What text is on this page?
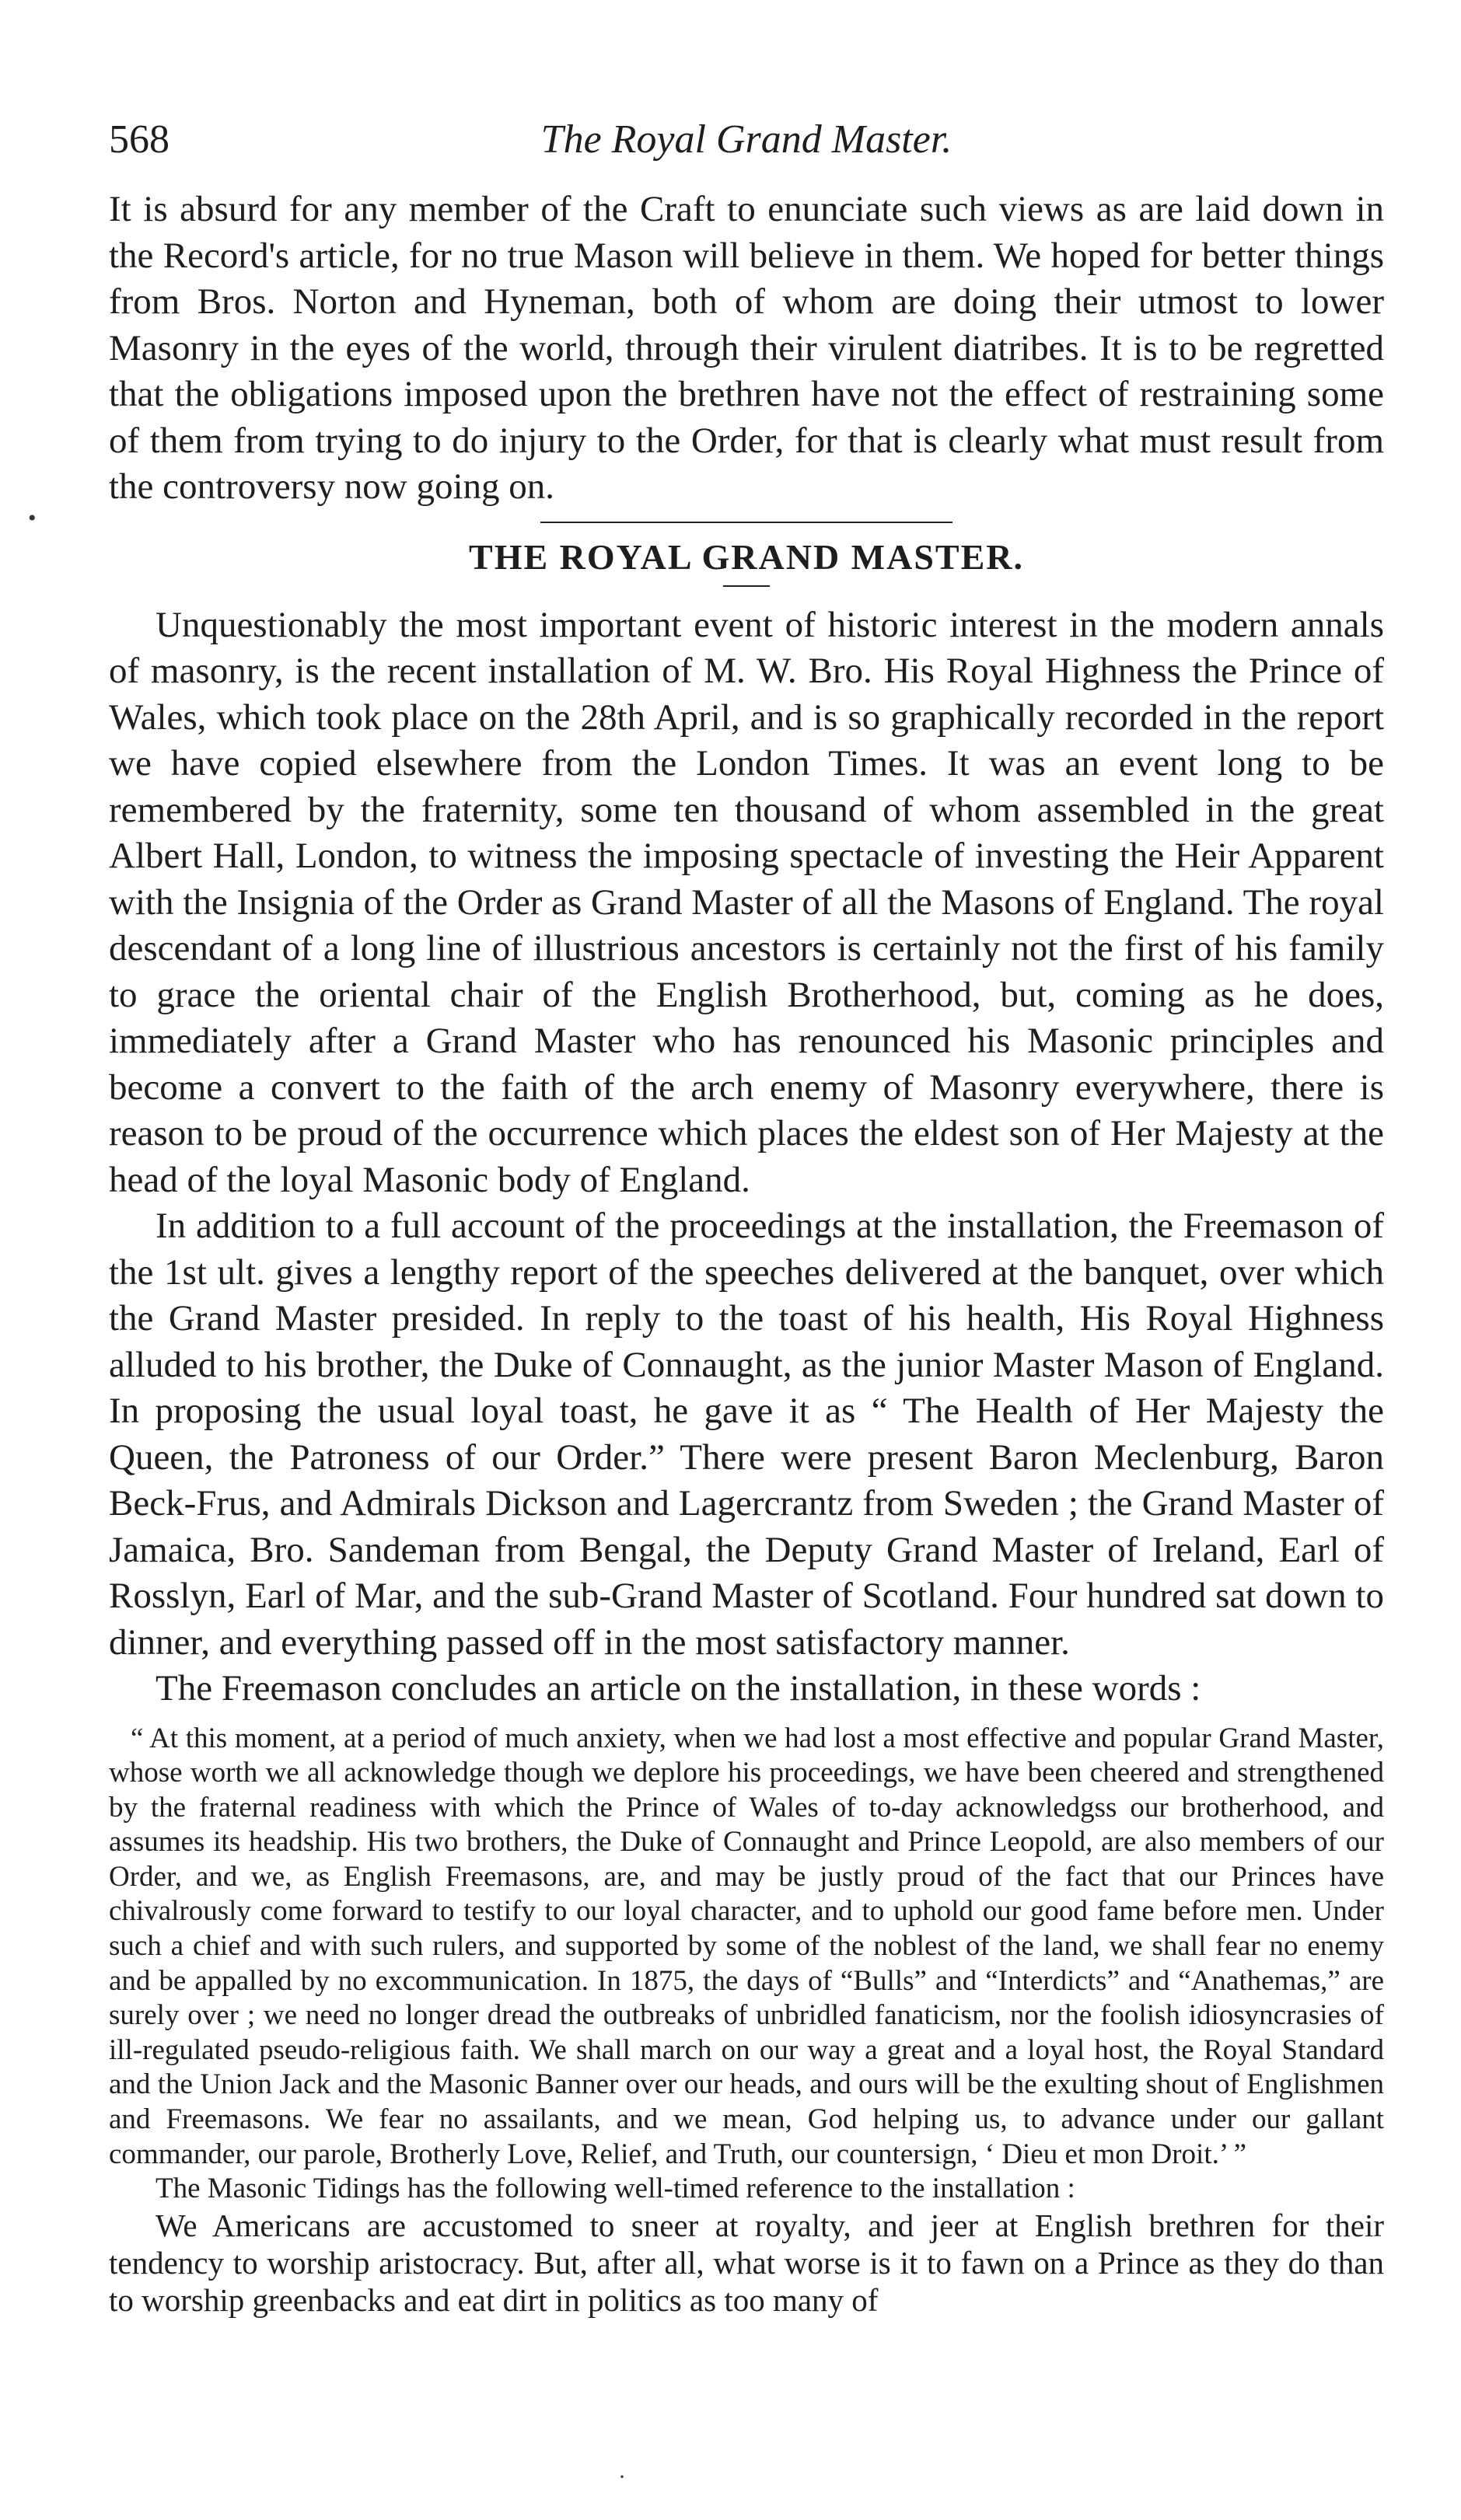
568	The Royal Grand Master.

It is absurd for any member of the Craft to enunciate such views as are laid down in the Record's article, for no true Mason will believe in them. We hoped for better things from Bros. Norton and Hyneman, both of whom are doing their utmost to lower Masonry in the eyes of the world, through their virulent diatribes. It is to be regretted that the obligations imposed upon the brethren have not the effect of restraining some of them from trying to do injury to the Order, for that is clearly what must result from the controversy now going on.

THE ROYAL GRAND MASTER.

Unquestionably the most important event of historic interest in the modern annals of masonry, is the recent installation of M. W. Bro. His Royal Highness the Prince of Wales, which took place on the 28th April, and is so graphically recorded in the report we have copied elsewhere from the London Times. It was an event long to be remembered by the fraternity, some ten thousand of whom assembled in the great Albert Hall, London, to witness the imposing spectacle of investing the Heir Apparent with the Insignia of the Order as Grand Master of all the Masons of England. The royal descendant of a long line of illustrious ancestors is certainly not the first of his family to grace the oriental chair of the English Brotherhood, but, coming as he does, immediately after a Grand Master who has renounced his Masonic principles and become a convert to the faith of the arch enemy of Masonry everywhere, there is reason to be proud of the occurrence which places the eldest son of Her Majesty at the head of the loyal Masonic body of England.

In addition to a full account of the proceedings at the installation, the Freemason of the 1st ult. gives a lengthy report of the speeches delivered at the banquet, over which the Grand Master presided. In reply to the toast of his health, His Royal Highness alluded to his brother, the Duke of Connaught, as the junior Master Mason of England. In proposing the usual loyal toast, he gave it as “ The Health of Her Majesty the Queen, the Patroness of our Order.” There were present Baron Meclenburg, Baron Beck-Frus, and Admirals Dickson and Lagercrantz from Sweden ; the Grand Master of Jamaica, Bro. Sandeman from Bengal, the Deputy Grand Master of Ireland, Earl of Rosslyn, Earl of Mar, and the sub-Grand Master of Scotland. Four hundred sat down to dinner, and everything passed off in the most satisfactory manner.

The Freemason concludes an article on the installation, in these words :

“ At this moment, at a period of much anxiety, when we had lost a most effective and popular Grand Master, whose worth we all acknowledge though we deplore his proceedings, we have been cheered and strengthened by the fraternal readiness with which the Prince of Wales of to-day acknowledgss our brotherhood, and assumes its headship. His two brothers, the Duke of Connaught and Prince Leopold, are also members of our Order, and we, as English Freemasons, are, and may be justly proud of the fact that our Princes have chivalrously come forward to testify to our loyal character, and to uphold our good fame before men. Under such a chief and with such rulers, and supported by some of the noblest of the land, we shall fear no enemy and be appalled by no excommunication. In 1875, the days of “Bulls” and “Interdicts” and “Anathemas,” are surely over ; we need no longer dread the outbreaks of unbridled fanaticism, nor the foolish idiosyncrasies of ill-regulated pseudo-religious faith. We shall march on our way a great and a loyal host, the Royal Standard and the Union Jack and the Masonic Banner over our heads, and ours will be the exulting shout of Englishmen and Freemasons. We fear no assailants, and we mean, God helping us, to advance under our gallant commander, our parole, Brotherly Love, Relief, and Truth, our countersign, ‘ Dieu et mon Droit.’ ”

The Masonic Tidings has the following well-timed reference to the installation :

We Americans are accustomed to sneer at royalty, and jeer at English brethren for their tendency to worship aristocracy. But, after all, what worse is it to fawn on a Prince as they do than to worship greenbacks and eat dirt in politics as too many of

•
·
